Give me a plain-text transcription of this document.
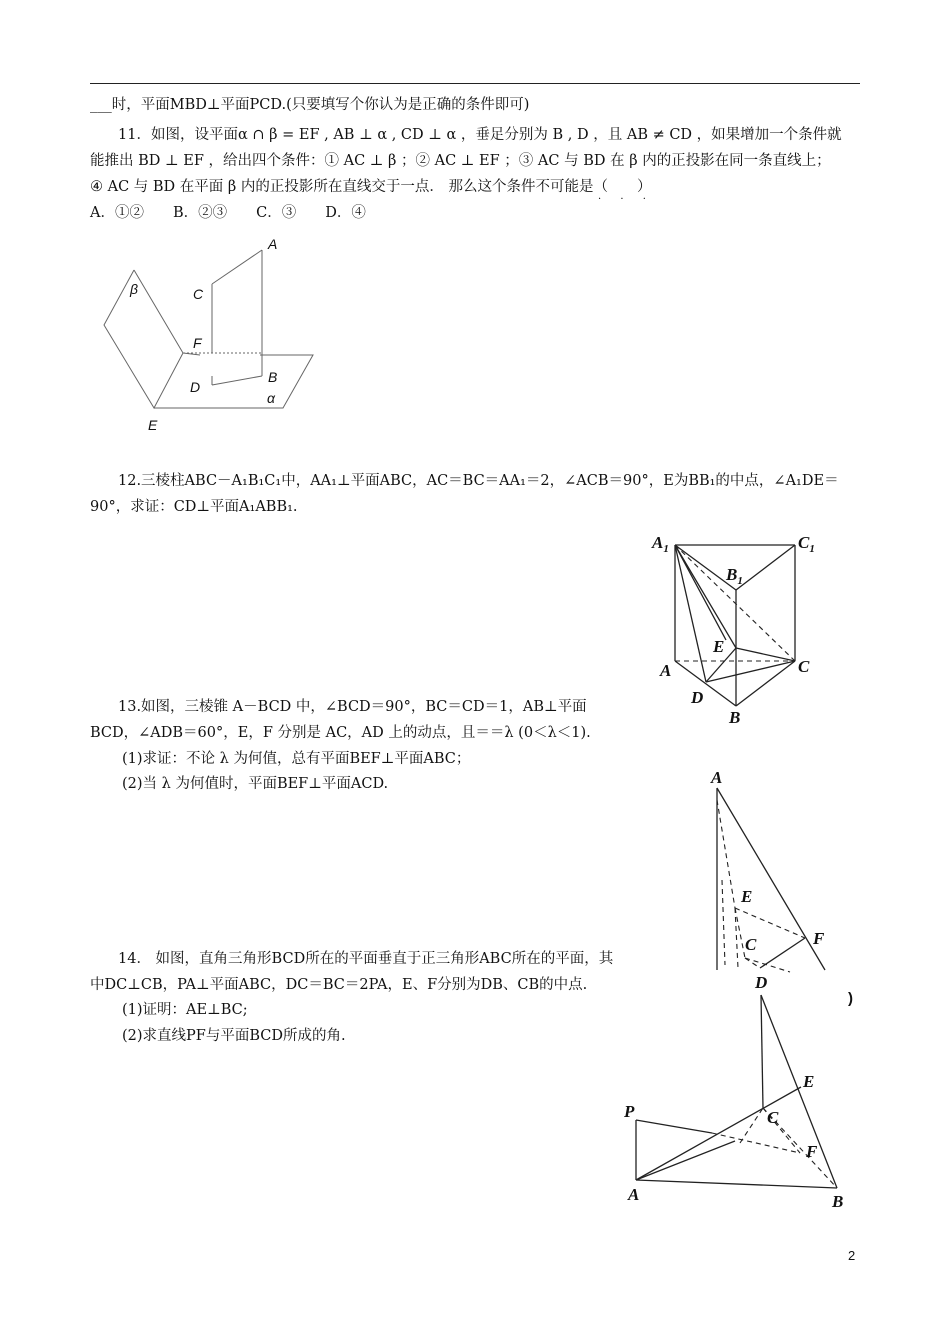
___时，平面MBD⊥平面PCD.(只要填写个你认为是正确的条件即可)
11．如图，设平面α ∩ β = EF , AB ⊥ α , CD ⊥ α ，垂足分别为 B , D ，且 AB ≠ CD ，如果增加一个条件就
能推出 BD ⊥ EF ，给出四个条件：① AC ⊥ β ；② AC ⊥ EF ；③ AC 与 BD 在 β 内的正投影在同一条直线上；
④ AC 与 BD 在平面 β 内的正投影所在直线交于一点． 那么这个条件不可能是（　　）
· · ·
A．①②　　B．②③　　C．③　　D．④
A
C
β
F
D
B
α
E
12.三棱柱ABC－A₁B₁C₁中，AA₁⊥平面ABC，AC＝BC＝AA₁＝2，∠ACB＝90°，E为BB₁的中点，∠A₁DE＝
90°，求证：CD⊥平面A₁ABB₁.
$A_1$	$C_1$
$B_1$
E
A	C
D
B
13.如图，三棱锥 A－BCD 中，∠BCD＝90°，BC＝CD＝1，AB⊥平面
BCD，∠ADB＝60°，E，F 分别是 AC，AD 上的动点，且＝＝λ (0＜λ＜1).
(1)求证：不论 λ 为何值，总有平面BEF⊥平面ABC；
(2)当 λ 为何值时，平面BEF⊥平面ACD.	A
E
C	F
14． 如图，直角三角形BCD所在的平面垂直于正三角形ABC所在的平面，其
中DC⊥CB，PA⊥平面ABC，DC＝BC＝2PA，E、F分别为DB、CB的中点.
(1)证明：AE⊥BC;
(2)求直线PF与平面BCD所成的角.
)
D
E
P	C
F
A	B
2
